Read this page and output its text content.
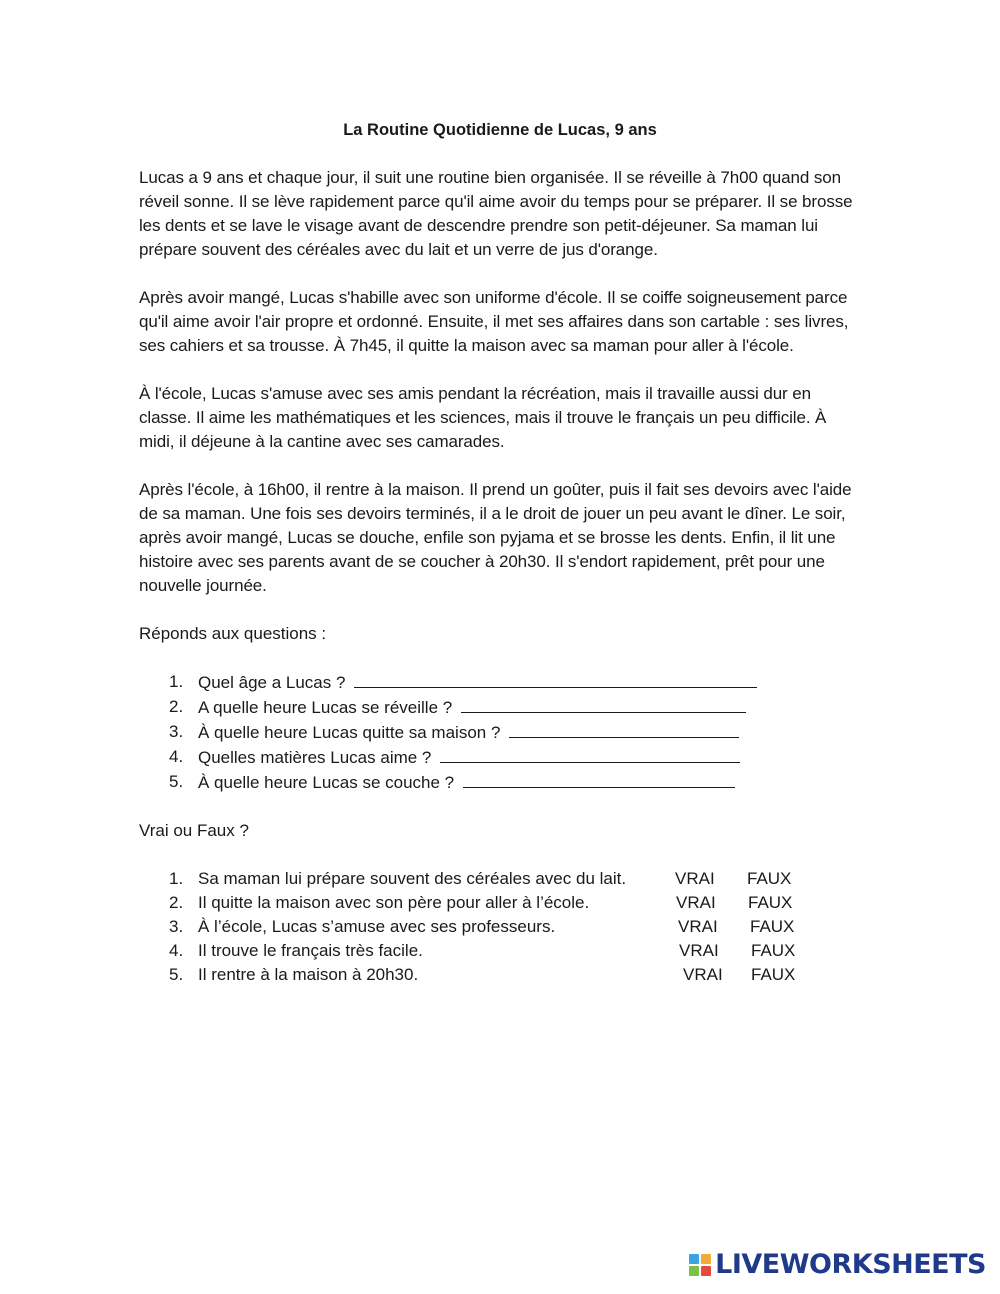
La Routine Quotidienne de Lucas, 9 ans

Lucas a 9 ans et chaque jour, il suit une routine bien organisée. Il se réveille à 7h00 quand son réveil sonne. Il se lève rapidement parce qu'il aime avoir du temps pour se préparer. Il se brosse les dents et se lave le visage avant de descendre prendre son petit-déjeuner. Sa maman lui prépare souvent des céréales avec du lait et un verre de jus d'orange.

Après avoir mangé, Lucas s'habille avec son uniforme d'école. Il se coiffe soigneusement parce qu'il aime avoir l'air propre et ordonné. Ensuite, il met ses affaires dans son cartable : ses livres, ses cahiers et sa trousse. À 7h45, il quitte la maison avec sa maman pour aller à l'école.

À l'école, Lucas s'amuse avec ses amis pendant la récréation, mais il travaille aussi dur en classe. Il aime les mathématiques et les sciences, mais il trouve le français un peu difficile. À midi, il déjeune à la cantine avec ses camarades.

Après l'école, à 16h00, il rentre à la maison. Il prend un goûter, puis il fait ses devoirs avec l'aide de sa maman. Une fois ses devoirs terminés, il a le droit de jouer un peu avant le dîner. Le soir, après avoir mangé, Lucas se douche, enfile son pyjama et se brosse les dents. Enfin, il lit une histoire avec ses parents avant de se coucher à 20h30. Il s'endort rapidement, prêt pour une nouvelle journée.

Réponds aux questions :
1. Quel âge a Lucas ?
2. A quelle heure Lucas se réveille ?
3. À quelle heure Lucas quitte sa maison ?
4. Quelles matières Lucas aime ?
5. À quelle heure Lucas se couche ?
Vrai ou Faux ?
1. Sa maman lui prépare souvent des céréales avec du lait.	VRAI FAUX
2. Il quitte la maison avec son père pour aller à l’école.	VRAI FAUX
3. À l’école, Lucas s’amuse avec ses professeurs.	VRAI FAUX
4. Il trouve le français très facile.	VRAI FAUX
5. Il rentre à la maison à 20h30.	VRAI FAUX
LIVEWORKSHEETS
